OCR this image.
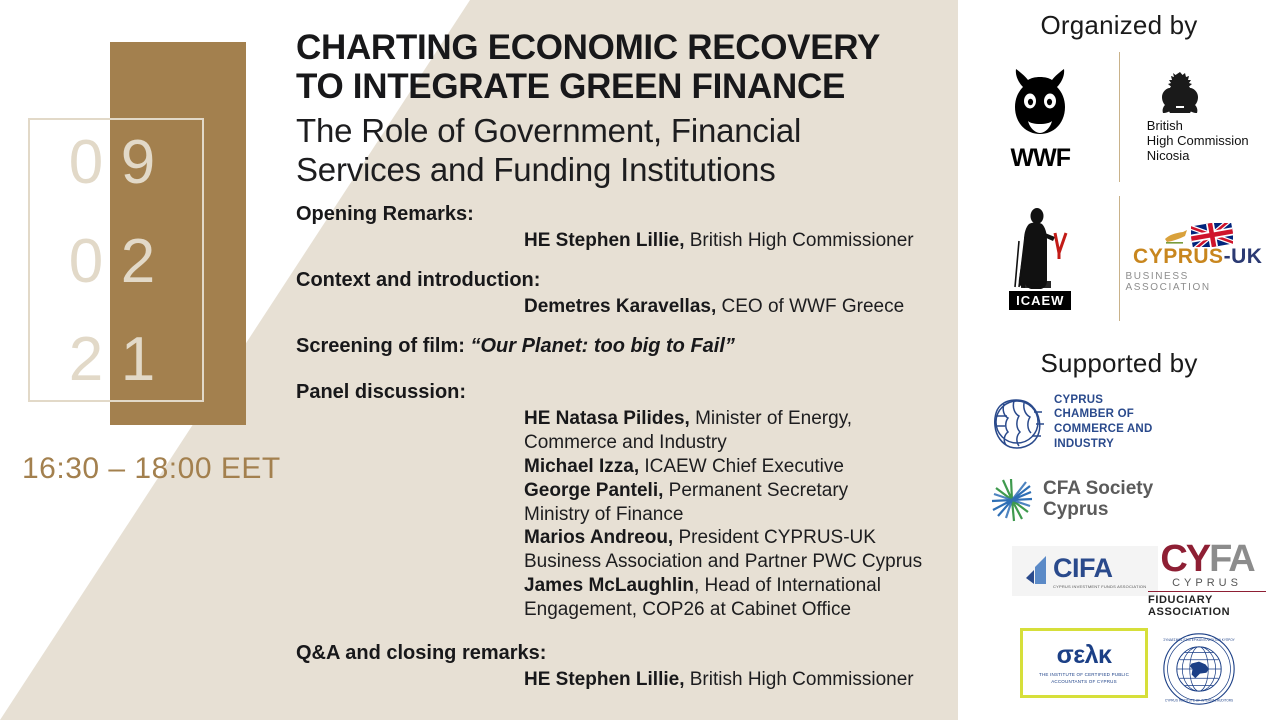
0 9
0 2
2 1
16:30 – 18:00 EET
CHARTING ECONOMIC RECOVERY
TO INTEGRATE GREEN FINANCE
The Role of Government, Financial
Services and Funding Institutions
Opening Remarks:
HE Stephen Lillie, British High Commissioner
Context and introduction:
Demetres Karavellas, CEO of WWF Greece
Screening of film: “Our Planet: too big to Fail”
Panel discussion:
HE Natasa Pilides, Minister of Energy,
Commerce and Industry
Michael Izza, ICAEW Chief Executive
George Panteli, Permanent Secretary
Ministry of Finance
Marios Andreou, President CYPRUS-UK
Business Association and Partner PWC Cyprus
James McLaughlin, Head of International
Engagement, COP26 at Cabinet Office
Q&A and closing remarks:
HE Stephen Lillie, British High Commissioner
Organized by
WWF
British
High Commission
Nicosia
ICAEW
CYPRUS-UK
BUSINESS ASSOCIATION
Supported by
CYPRUS
CHAMBER OF
COMMERCE AND
INDUSTRY
CFA Society
Cyprus
CIFA
CYPRUS INVESTMENT FUNDS ASSOCIATION
CYFA
CYPRUS
FIDUCIARY ASSOCIATION
σελκ
THE INSTITUTE OF CERTIFIED PUBLIC
ACCOUNTANTS OF CYPRUS
ΣΥΝΔΕΣΜΟΣ ΕΣΩΤΕΡΙΚΩΝ ΕΛΕΓΚΤΩΝ ΚΥΠΡΟΥ
CYPRUS INSTITUTE OF INTERNAL AUDITORS
